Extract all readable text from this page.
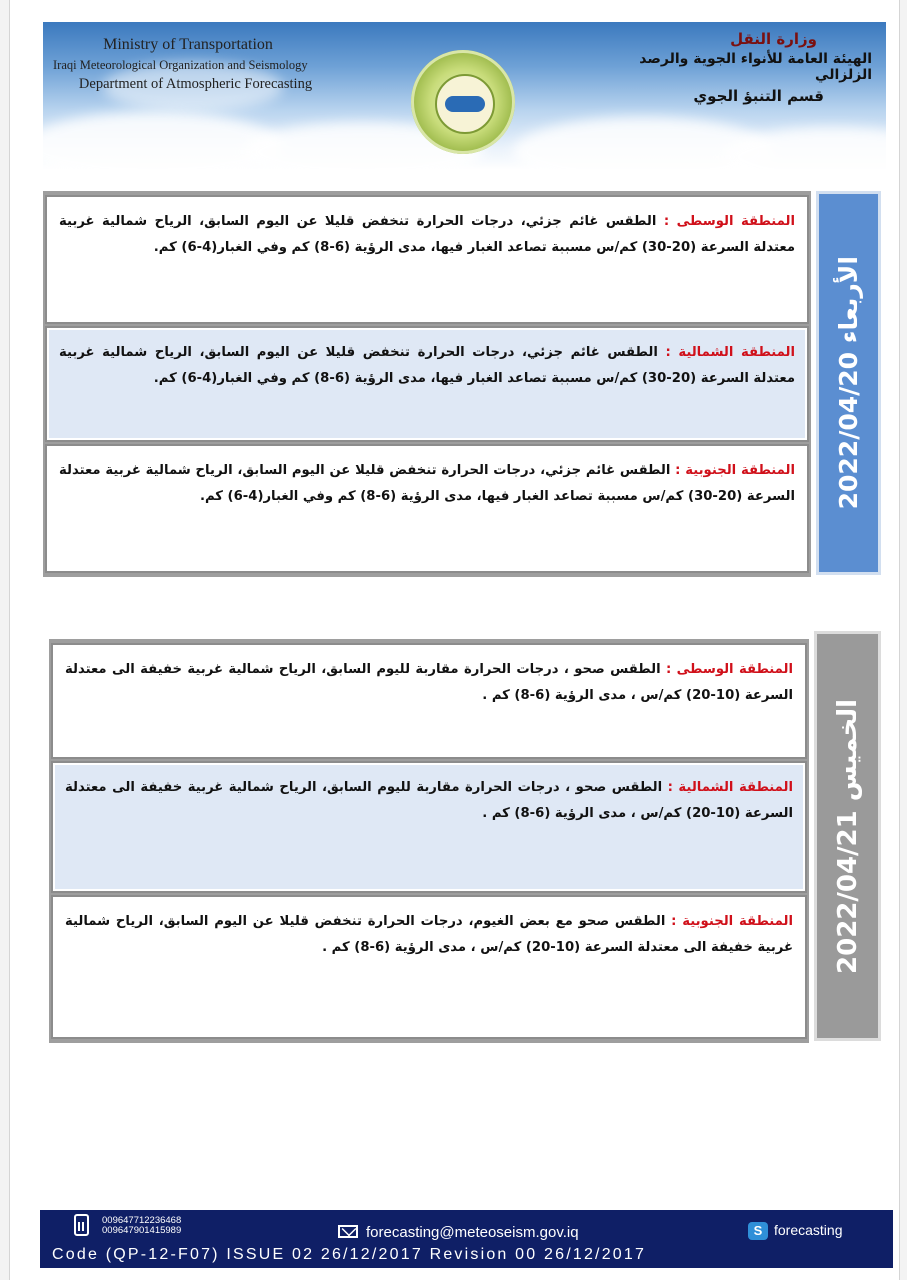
Ministry of Transportation
Iraqi Meteorological Organization and Seismology
Department of Atmospheric Forecasting
وزارة النقل
الهيئة العامة للأنواء الجوية والرصد الزلزالي
قسم التنبؤ الجوي
المنطقة الوسطى : الطقس غائم جزئي، درجات الحرارة تنخفض قليلا عن اليوم السابق، الرياح شمالية غربية معتدلة السرعة (20-30) كم/س مسببة تصاعد الغبار فيها، مدى الرؤية (6-8) كم وفي الغبار(4-6) كم.
المنطقة الشمالية : الطقس غائم جزئي، درجات الحرارة تنخفض قليلا عن اليوم السابق، الرياح شمالية غربية معتدلة السرعة (20-30) كم/س مسببة تصاعد الغبار فيها، مدى الرؤية (6-8) كم وفي الغبار(4-6) كم.
المنطقة الجنوبية : الطقس غائم جزئي، درجات الحرارة تنخفض قليلا عن اليوم السابق، الرياح شمالية غربية معتدلة السرعة (20-30) كم/س مسببة تصاعد الغبار فيها، مدى الرؤية (6-8) كم وفي الغبار(4-6) كم.	الأربعاء 2022/04/20
المنطقة الوسطى : الطقس صحو ، درجات الحرارة مقاربة لليوم السابق، الرياح شمالية غربية خفيفة الى معتدلة السرعة (10-20) كم/س ، مدى الرؤية (6-8) كم .
المنطقة الشمالية : الطقس صحو ، درجات الحرارة مقاربة لليوم السابق، الرياح شمالية غربية خفيفة الى معتدلة السرعة (10-20) كم/س ، مدى الرؤية (6-8) كم .
المنطقة الجنوبية : الطقس صحو مع بعض الغيوم، درجات الحرارة تنخفض قليلا عن اليوم السابق، الرياح شمالية غربية خفيفة الى معتدلة السرعة (10-20) كم/س ، مدى الرؤية (6-8) كم .	الخميس 2022/04/21
009647712236468
009647901415989	forecasting@meteoseism.gov.iq	S forecasting
Code (QP-12-F07) ISSUE 02 26/12/2017 Revision 00 26/12/2017
